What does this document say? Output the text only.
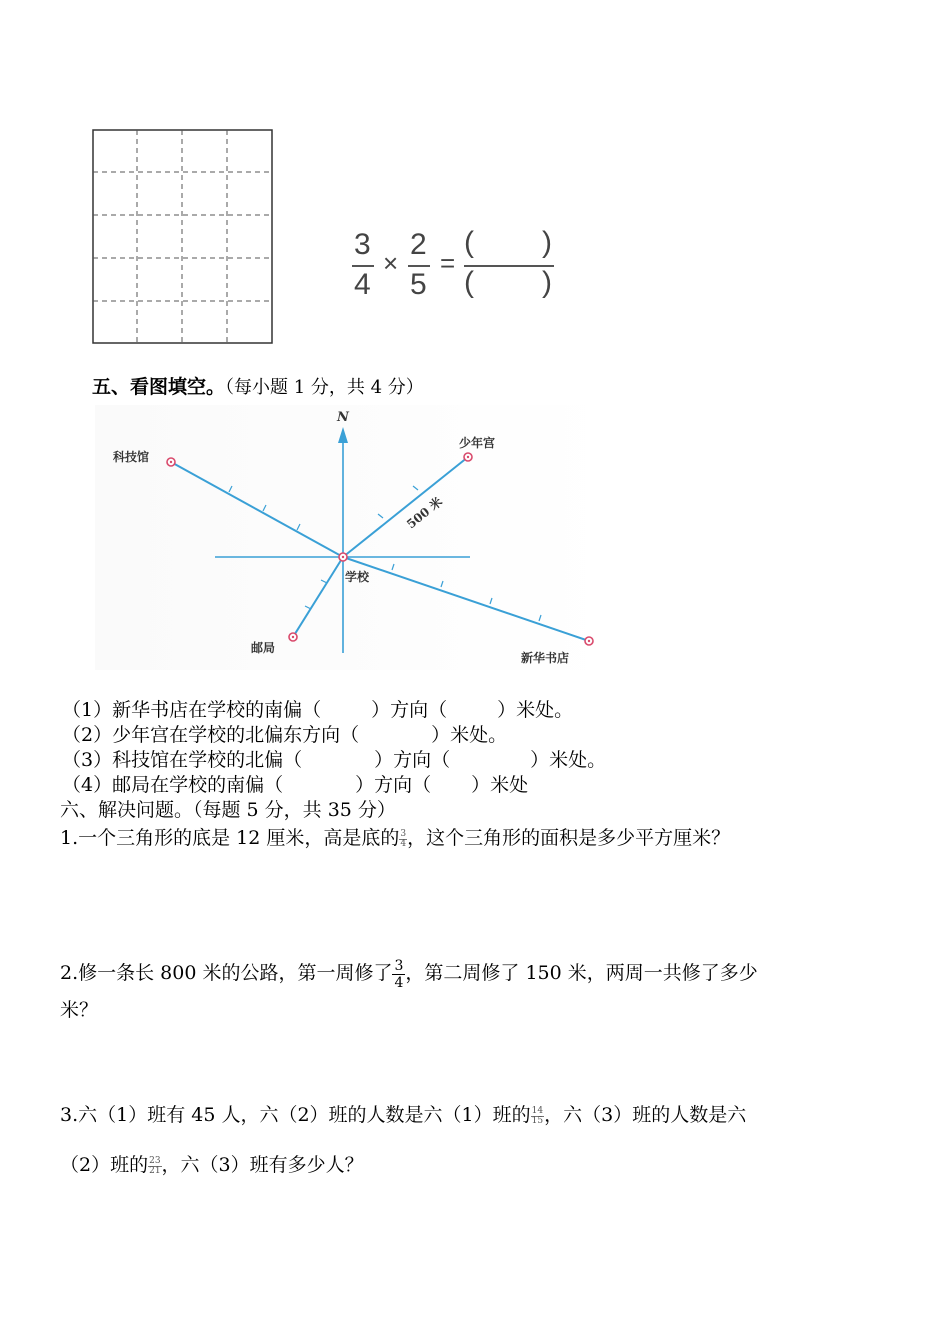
3
4
×
2
5
=
( )
( )
五、看图填空。（每小题 1 分，共 4 分）
N
科技馆
少年宫
500 米
学校
邮局
新华书店
（1）新华书店在学校的南偏（	）方向（	）米处。
（2）少年宫在学校的北偏东方向（	）米处。
（3）科技馆在学校的北偏（	）方向（	）米处。
（4）邮局在学校的南偏（	）方向（ ）米处
六、解决问题。（每题 5 分，共 35 分）
1.一个三角形的底是 12 厘米，高是底的 $\frac{3}{4}$ ，这个三角形的面积是多少平方厘米？
2.修一条长 800 米的公路，第一周修了 $\frac{3}{4}$ ，第二周修了 150 米，两周一共修了多少
米？
3.六（1）班有 45 人，六（2）班的人数是六（1）班的 $\frac{14}{15}$ ，六（3）班的人数是六
（2）班的 $\frac{23}{21}$ ，六（3）班有多少人？
